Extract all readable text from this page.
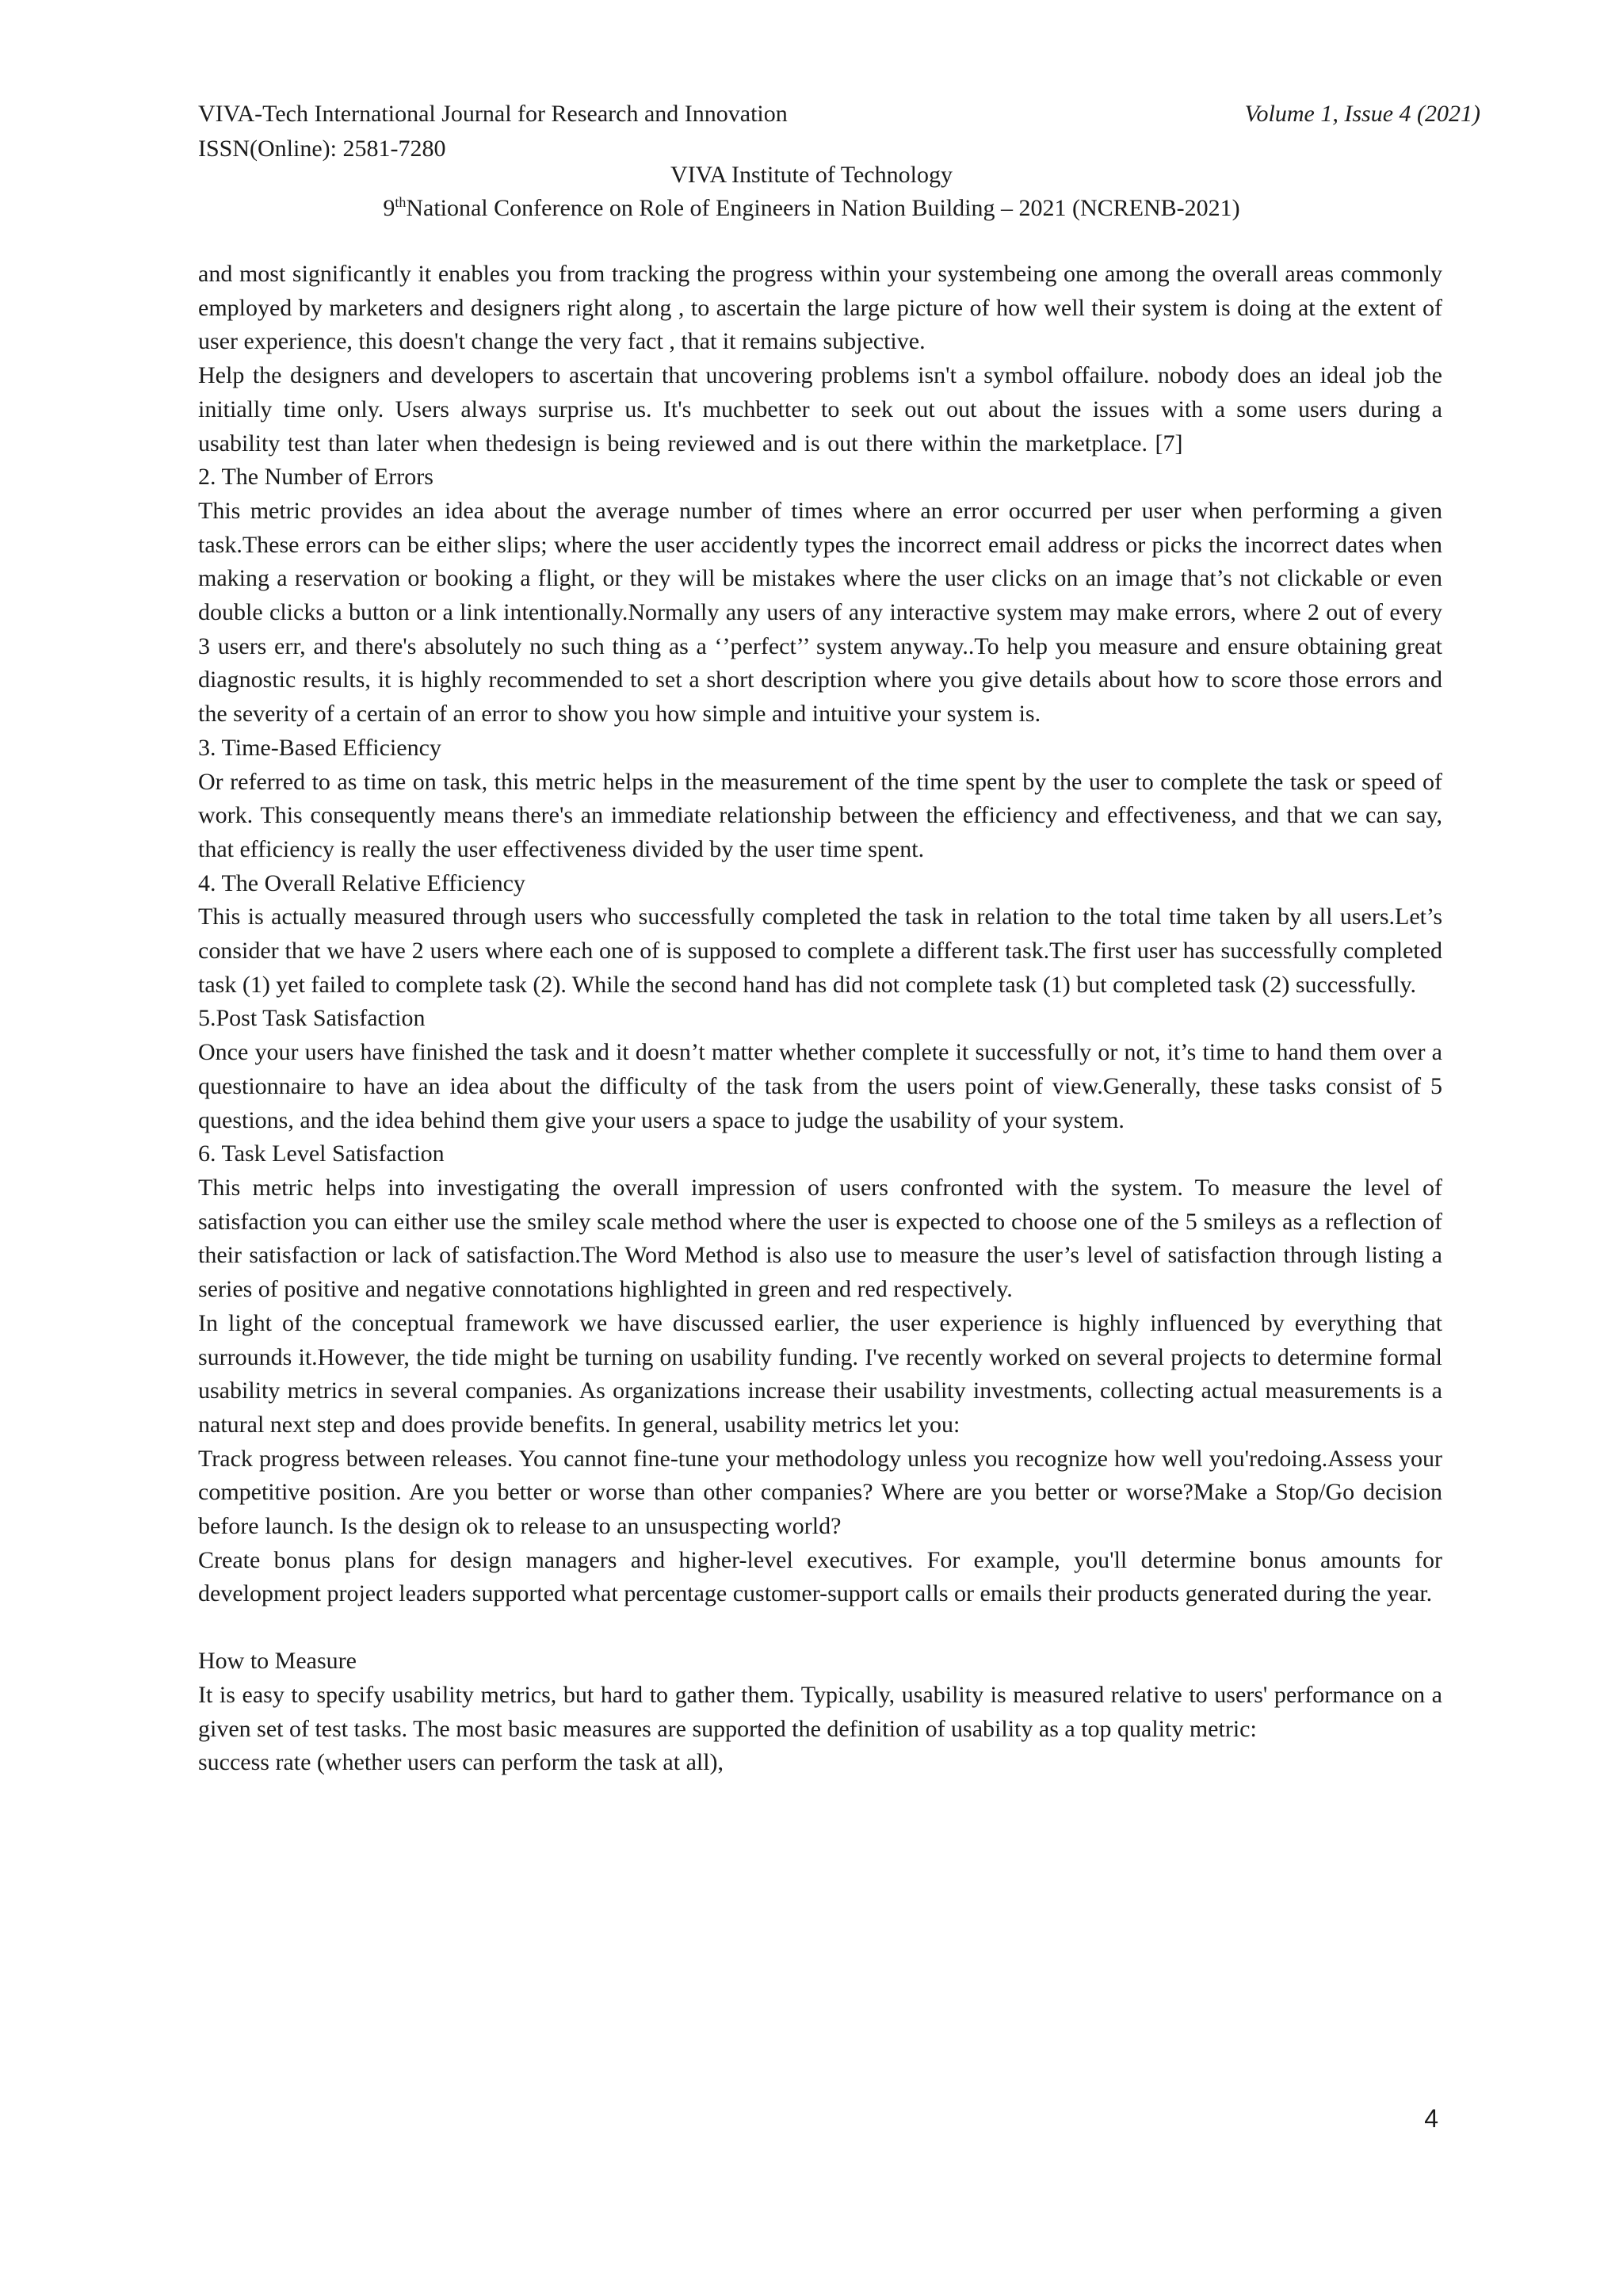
VIVA-Tech International Journal for Research and Innovation
ISSN(Online): 2581-7280
Volume 1, Issue 4 (2021)
VIVA Institute of Technology
9thNational Conference on Role of Engineers in Nation Building – 2021 (NCRENB-2021)

and most significantly it enables you from tracking the progress within your systembeing one among the overall areas commonly employed by marketers and designers right along , to ascertain the large picture of how well their system is doing at the extent of user experience, this doesn't change the very fact , that it remains subjective.

Help the designers and developers to ascertain that uncovering problems isn't a symbol offailure. nobody does an ideal job the initially time only. Users always surprise us. It's muchbetter to seek out out about the issues with a some users during a usability test than later when thedesign is being reviewed and is out there within the marketplace. [7]

2. The Number of Errors

This metric provides an idea about the average number of times where an error occurred per user when performing a given task.These errors can be either slips; where the user accidently types the incorrect email address or picks the incorrect dates when making a reservation or booking a flight, or they will be mistakes where the user clicks on an image that’s not clickable or even double clicks a button or a link intentionally.Normally any users of any interactive system may make errors, where 2 out of every 3 users err, and there's absolutely no such thing as a ‘’perfect’’ system anyway..To help you measure and ensure obtaining great diagnostic results, it is highly recommended to set a short description where you give details about how to score those errors and the severity of a certain of an error to show you how simple and intuitive your system is.

3. Time-Based Efficiency

Or referred to as time on task, this metric helps in the measurement of the time spent by the user to complete the task or speed of work. This consequently means there's an immediate relationship between the efficiency and effectiveness, and that we can say, that efficiency is really the user effectiveness divided by the user time spent.

4. The Overall Relative Efficiency

This is actually measured through users who successfully completed the task in relation to the total time taken by all users.Let’s consider that we have 2 users where each one of is supposed to complete a different task.The first user has successfully completed task (1) yet failed to complete task (2). While the second hand has did not complete task (1) but completed task (2) successfully.

5.Post Task Satisfaction

Once your users have finished the task and it doesn’t matter whether complete it successfully or not, it’s time to hand them over a questionnaire to have an idea about the difficulty of the task from the users point of view.Generally, these tasks consist of 5 questions, and the idea behind them give your users a space to judge the usability of your system.

6. Task Level Satisfaction

This metric helps into investigating the overall impression of users confronted with the system. To measure the level of satisfaction you can either use the smiley scale method where the user is expected to choose one of the 5 smileys as a reflection of their satisfaction or lack of satisfaction.The Word Method is also use to measure the user’s level of satisfaction through listing a series of positive and negative connotations highlighted in green and red respectively.

In light of the conceptual framework we have discussed earlier, the user experience is highly influenced by everything that surrounds it.However, the tide might be turning on usability funding. I've recently worked on several projects to determine formal usability metrics in several companies. As organizations increase their usability investments, collecting actual measurements is a natural next step and does provide benefits. In general, usability metrics let you:

Track progress between releases. You cannot fine-tune your methodology unless you recognize how well you'redoing.Assess your competitive position. Are you better or worse than other companies? Where are you better or worse?Make a Stop/Go decision before launch. Is the design ok to release to an unsuspecting world?

Create bonus plans for design managers and higher-level executives. For example, you'll determine bonus amounts for development project leaders supported what percentage customer-support calls or emails their products generated during the year.

How to Measure

It is easy to specify usability metrics, but hard to gather them. Typically, usability is measured relative to users' performance on a given set of test tasks. The most basic measures are supported the definition of usability as a top quality metric:

success rate (whether users can perform the task at all),

4
